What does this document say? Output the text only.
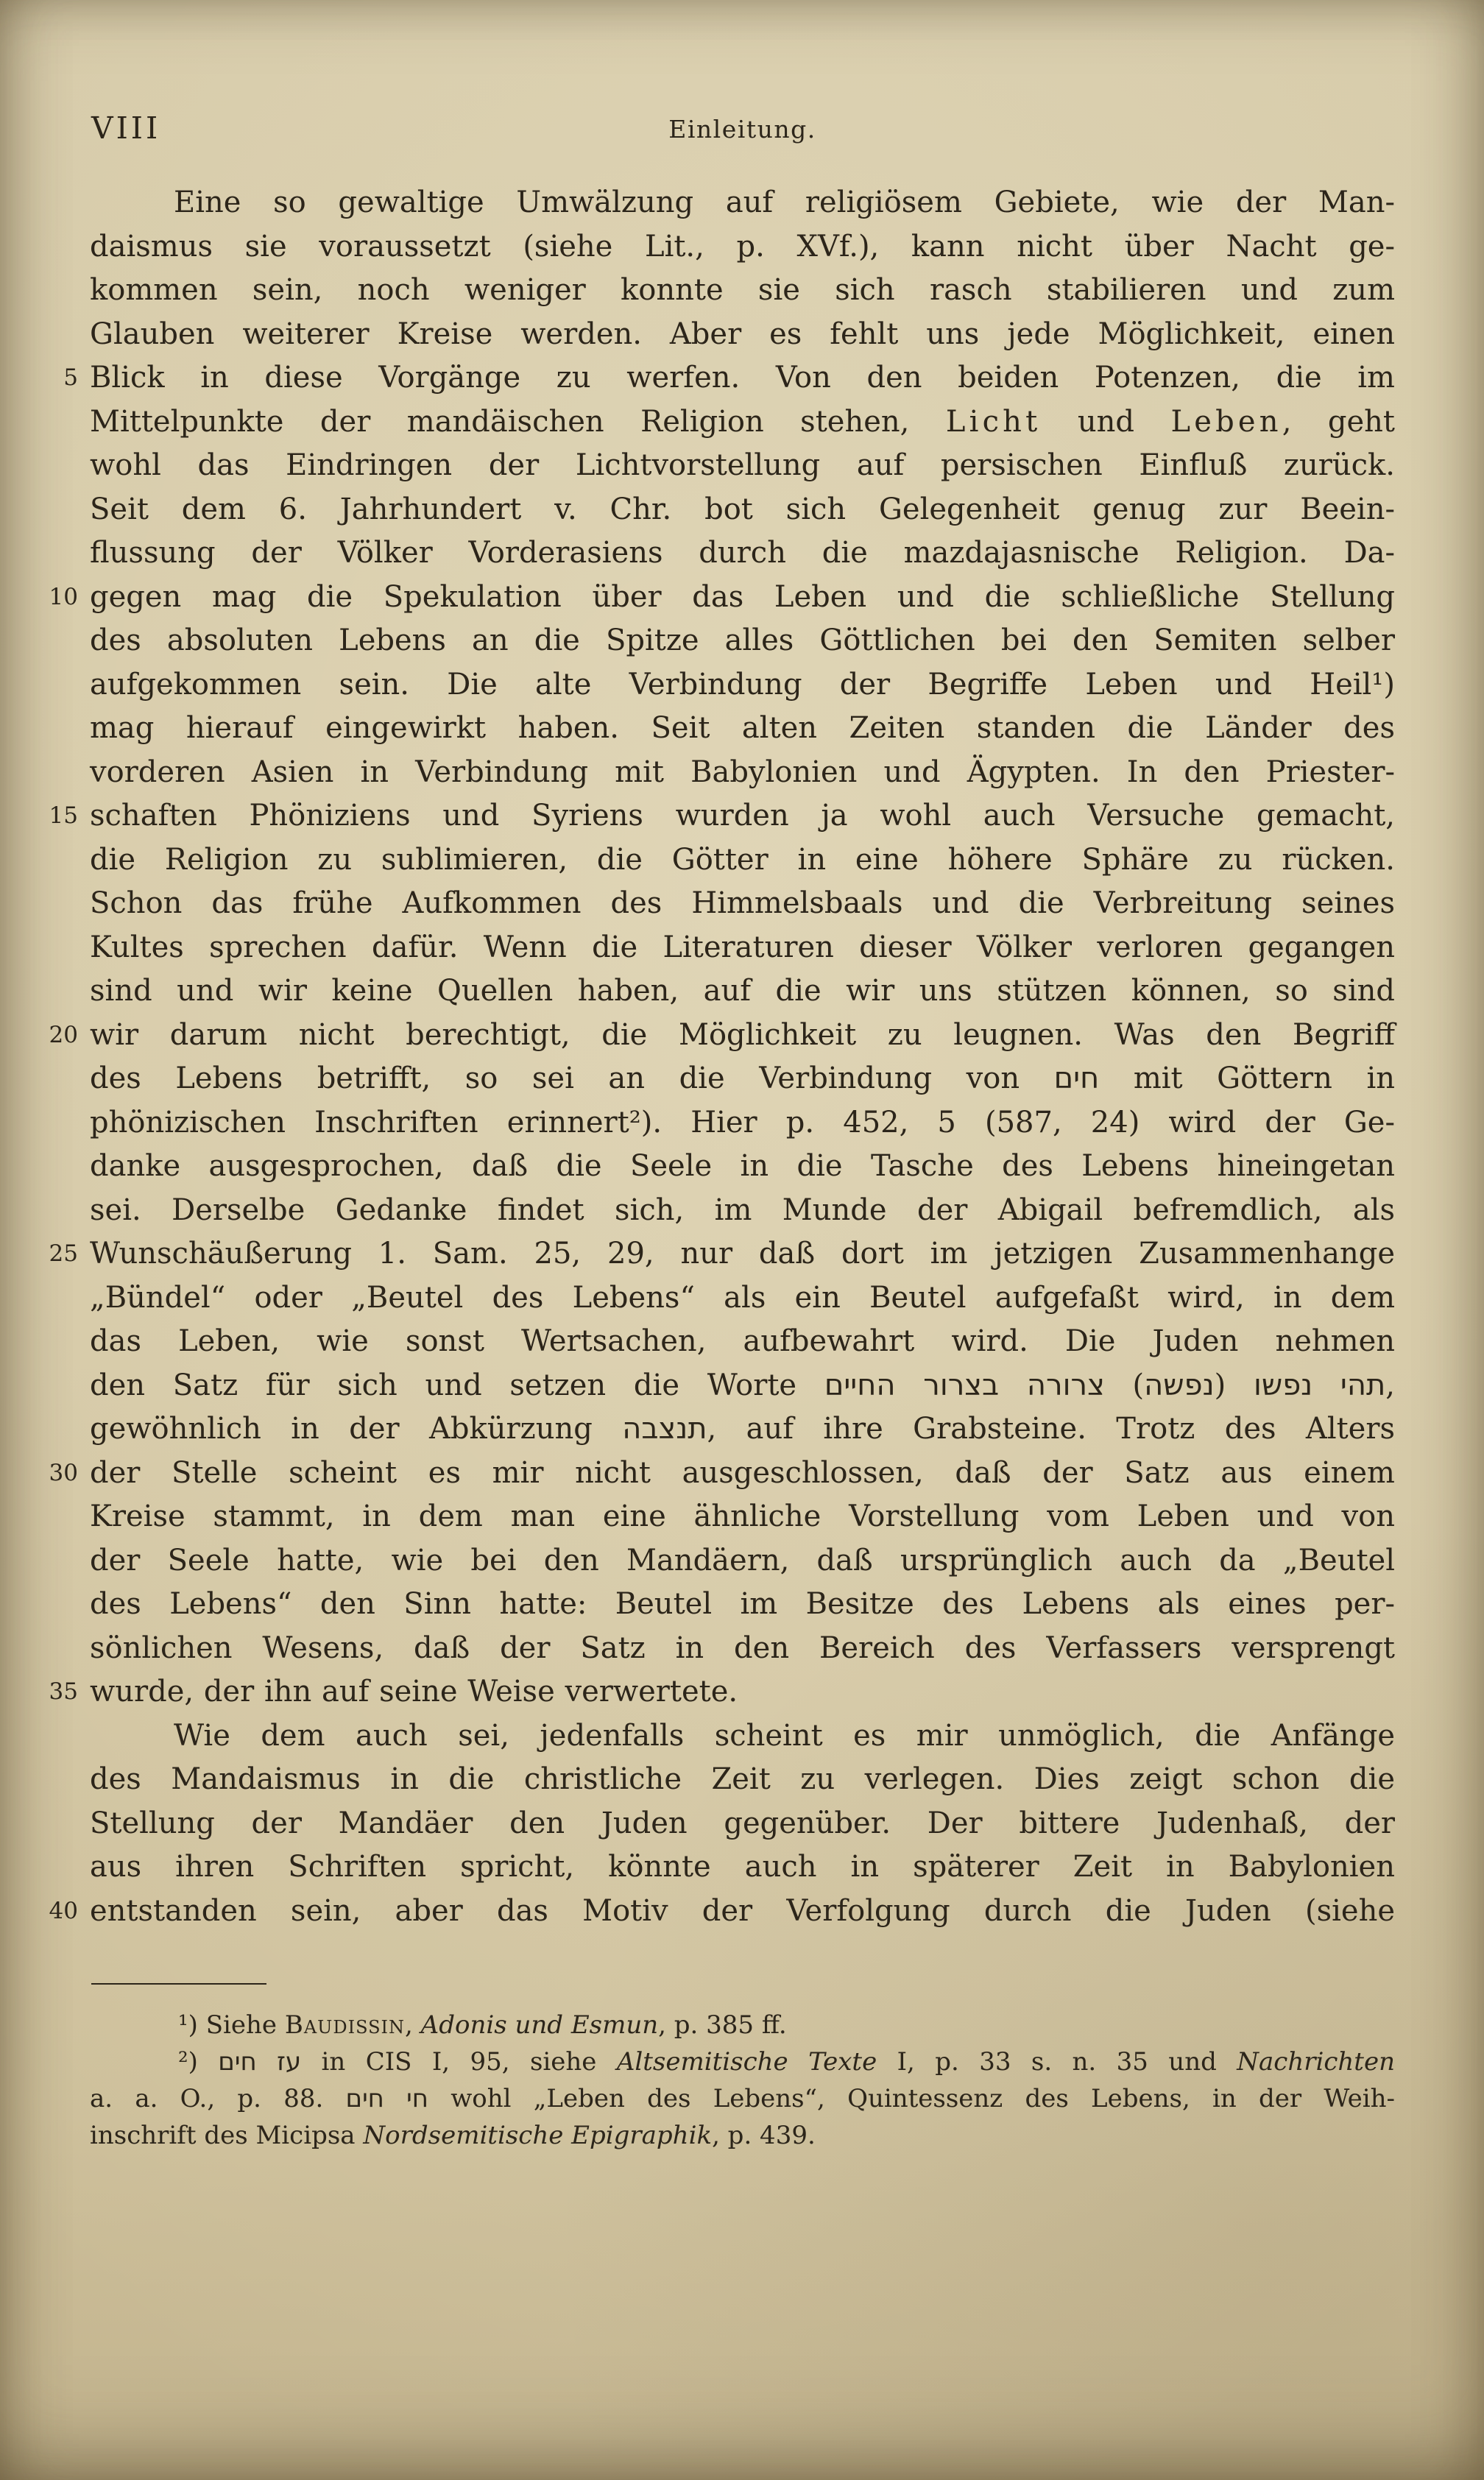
VIII	Einleitung.
Eine so gewaltige Umwälzung auf religiösem Gebiete, wie der Man-
daismus sie voraussetzt (siehe Lit., p. XVf.), kann nicht über Nacht ge-
kommen sein, noch weniger konnte sie sich rasch stabilieren und zum
Glauben weiterer Kreise werden. Aber es fehlt uns jede Möglichkeit, einen
5 Blick in diese Vorgänge zu werfen. Von den beiden Potenzen, die im
Mittelpunkte der mandäischen Religion stehen, Licht und Leben, geht
wohl das Eindringen der Lichtvorstellung auf persischen Einfluß zurück.
Seit dem 6. Jahrhundert v. Chr. bot sich Gelegenheit genug zur Beein-
flussung der Völker Vorderasiens durch die mazdajasnische Religion. Da-
10 gegen mag die Spekulation über das Leben und die schließliche Stellung
des absoluten Lebens an die Spitze alles Göttlichen bei den Semiten selber
aufgekommen sein. Die alte Verbindung der Begriffe Leben und Heil¹)
mag hierauf eingewirkt haben. Seit alten Zeiten standen die Länder des
vorderen Asien in Verbindung mit Babylonien und Ägypten. In den Priester-
15 schaften Phöniziens und Syriens wurden ja wohl auch Versuche gemacht,
die Religion zu sublimieren, die Götter in eine höhere Sphäre zu rücken.
Schon das frühe Aufkommen des Himmelsbaals und die Verbreitung seines
Kultes sprechen dafür. Wenn die Literaturen dieser Völker verloren gegangen
sind und wir keine Quellen haben, auf die wir uns stützen können, so sind
20 wir darum nicht berechtigt, die Möglichkeit zu leugnen. Was den Begriff
des Lebens betrifft, so sei an die Verbindung von חים mit Göttern in
phönizischen Inschriften erinnert²). Hier p. 452, 5 (587, 24) wird der Ge-
danke ausgesprochen, daß die Seele in die Tasche des Lebens hineingetan
sei. Derselbe Gedanke findet sich, im Munde der Abigail befremdlich, als
25 Wunschäußerung 1. Sam. 25, 29, nur daß dort im jetzigen Zusammenhange
„Bündel“ oder „Beutel des Lebens“ als ein Beutel aufgefaßt wird, in dem
das Leben, wie sonst Wertsachen, aufbewahrt wird. Die Juden nehmen
den Satz für sich und setzen die Worte תהי נפשו (נפשה) צרורה בצרור החיים,
gewöhnlich in der Abkürzung תנצבה, auf ihre Grabsteine. Trotz des Alters
30 der Stelle scheint es mir nicht ausgeschlossen, daß der Satz aus einem
Kreise stammt, in dem man eine ähnliche Vorstellung vom Leben und von
der Seele hatte, wie bei den Mandäern, daß ursprünglich auch da „Beutel
des Lebens“ den Sinn hatte: Beutel im Besitze des Lebens als eines per-
sönlichen Wesens, daß der Satz in den Bereich des Verfassers versprengt
35 wurde, der ihn auf seine Weise verwertete.
Wie dem auch sei, jedenfalls scheint es mir unmöglich, die Anfänge
des Mandaismus in die christliche Zeit zu verlegen. Dies zeigt schon die
Stellung der Mandäer den Juden gegenüber. Der bittere Judenhaß, der
aus ihren Schriften spricht, könnte auch in späterer Zeit in Babylonien
40 entstanden sein, aber das Motiv der Verfolgung durch die Juden (siehe
¹) Siehe Baudissin, Adonis und Esmun, p. 385 ff.
²) עז חים in CIS I, 95, siehe Altsemitische Texte I, p. 33 s. n. 35 und Nachrichten
a. a. O., p. 88. חי חים wohl „Leben des Lebens“, Quintessenz des Lebens, in der Weih-
inschrift des Micipsa Nordsemitische Epigraphik, p. 439.
